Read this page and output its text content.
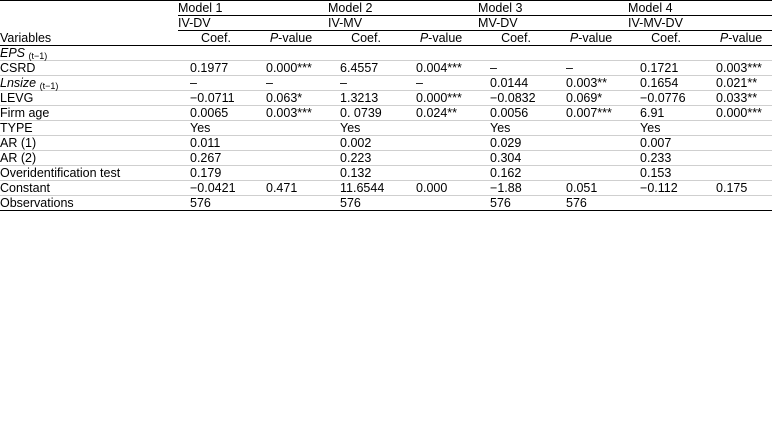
	Model 1		Model 2		Model 3		Model 4	
	IV-DV		IV-MV		MV-DV		IV-MV-DV	
Variables	Coef.	P-value	Coef.	P-value	Coef.	P-value	Coef.	P-value
EPS (t−1)								
CSRD	0.1977	0.000***	6.4557	0.004***	–	–	0.1721	0.003***
Lnsize (t−1)	–	–	–	–	0.0144	0.003**	0.1654	0.021**
LEVG	−0.0711	0.063*	1.3213	0.000***	−0.0832	0.069*	−0.0776	0.033**
Firm age	0.0065	0.003***	0. 0739	0.024**	0.0056	0.007***	6.91	0.000***
TYPE	Yes		Yes		Yes		Yes	
AR (1)	0.011		0.002		0.029		0.007	
AR (2)	0.267		0.223		0.304		0.233	
Overidentification test	0.179		0.132		0.162		0.153	
Constant	−0.0421	0.471	11.6544	0.000	−1.88	0.051	−0.112	0.175
Observations	576		576		576	576		
